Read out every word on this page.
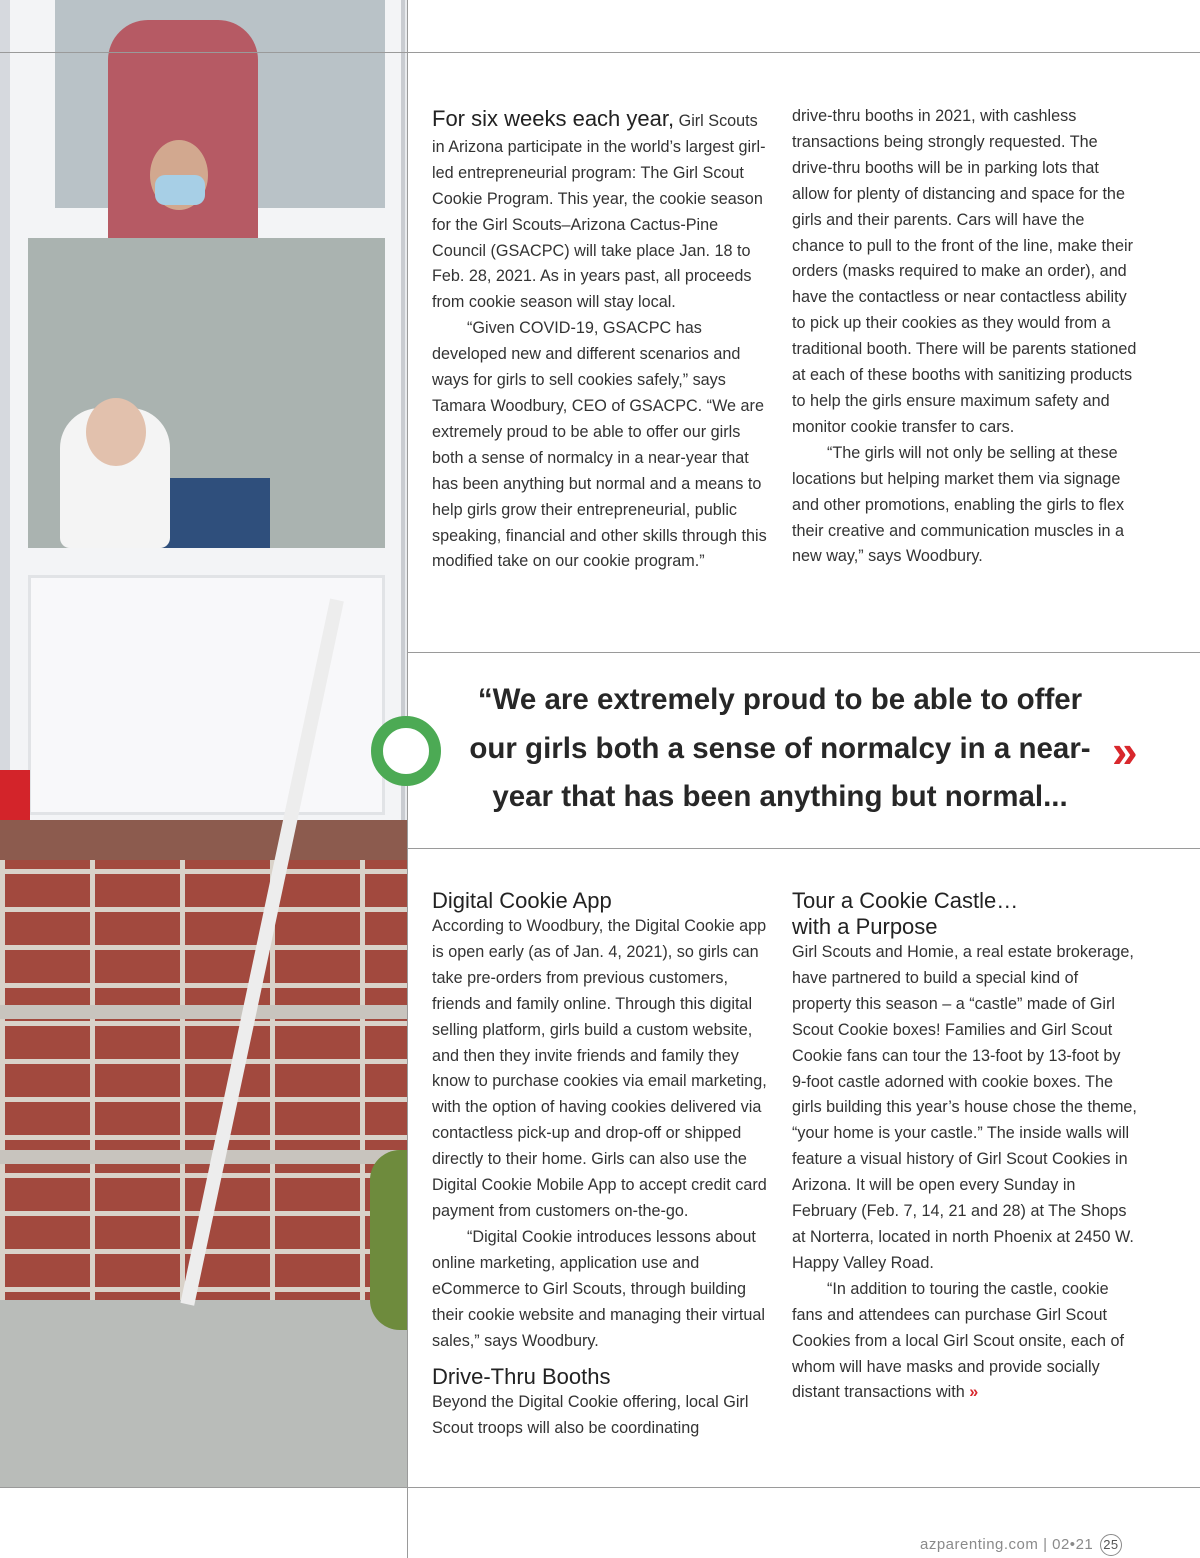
For six weeks each year, Girl Scouts in Arizona participate in the world’s largest girl-led entrepreneurial program: The Girl Scout Cookie Program. This year, the cookie season for the Girl Scouts–Arizona Cactus-Pine Council (GSACPC) will take place Jan. 18 to Feb. 28, 2021. As in years past, all proceeds from cookie season will stay local.

“Given COVID-19, GSACPC has developed new and different scenarios and ways for girls to sell cookies safely,” says Tamara Woodbury, CEO of GSACPC. “We are extremely proud to be able to offer our girls both a sense of normalcy in a near-year that has been anything but normal and a means to help girls grow their entrepreneurial, public speaking, financial and other skills through this modified take on our cookie program.”

drive-thru booths in 2021, with cashless transactions being strongly requested. The drive-thru booths will be in parking lots that allow for plenty of distancing and space for the girls and their parents. Cars will have the chance to pull to the front of the line, make their orders (masks required to make an order), and have the contactless or near contactless ability to pick up their cookies as they would from a traditional booth. There will be parents stationed at each of these booths with sanitizing products to help the girls ensure maximum safety and monitor cookie transfer to cars.

“The girls will not only be selling at these locations but helping market them via signage and other promotions, enabling the girls to flex their creative and communication muscles in a new way,” says Woodbury.

“We are extremely proud to be able to offer
our girls both a sense of normalcy in a near-
year that has been anything but normal...
»
Digital Cookie App

According to Woodbury, the Digital Cookie app is open early (as of Jan. 4, 2021), so girls can take pre-orders from previous customers, friends and family online. Through this digital selling platform, girls build a custom website, and then they invite friends and family they know to purchase cookies via email marketing, with the option of having cookies delivered via contactless pick-up and drop-off or shipped directly to their home. Girls can also use the Digital Cookie Mobile App to accept credit card payment from customers on-the-go.

“Digital Cookie introduces lessons about online marketing, application use and eCommerce to Girl Scouts, through building their cookie website and managing their virtual sales,” says Woodbury.

Drive-Thru Booths

Beyond the Digital Cookie offering, local Girl Scout troops will also be coordinating

Tour a Cookie Castle…
with a Purpose

Girl Scouts and Homie, a real estate brokerage, have partnered to build a special kind of property this season – a “castle” made of Girl Scout Cookie boxes! Families and Girl Scout Cookie fans can tour the 13-foot by 13-foot by 9-foot castle adorned with cookie boxes. The girls building this year’s house chose the theme, “your home is your castle.” The inside walls will feature a visual history of Girl Scout Cookies in Arizona. It will be open every Sunday in February (Feb. 7, 14, 21 and 28) at The Shops at Norterra, located in north Phoenix at 2450 W. Happy Valley Road.

“In addition to touring the castle, cookie fans and attendees can purchase Girl Scout Cookies from a local Girl Scout onsite, each of whom will have masks and provide socially distant transactions with »

azparenting.com | 02•21 25
